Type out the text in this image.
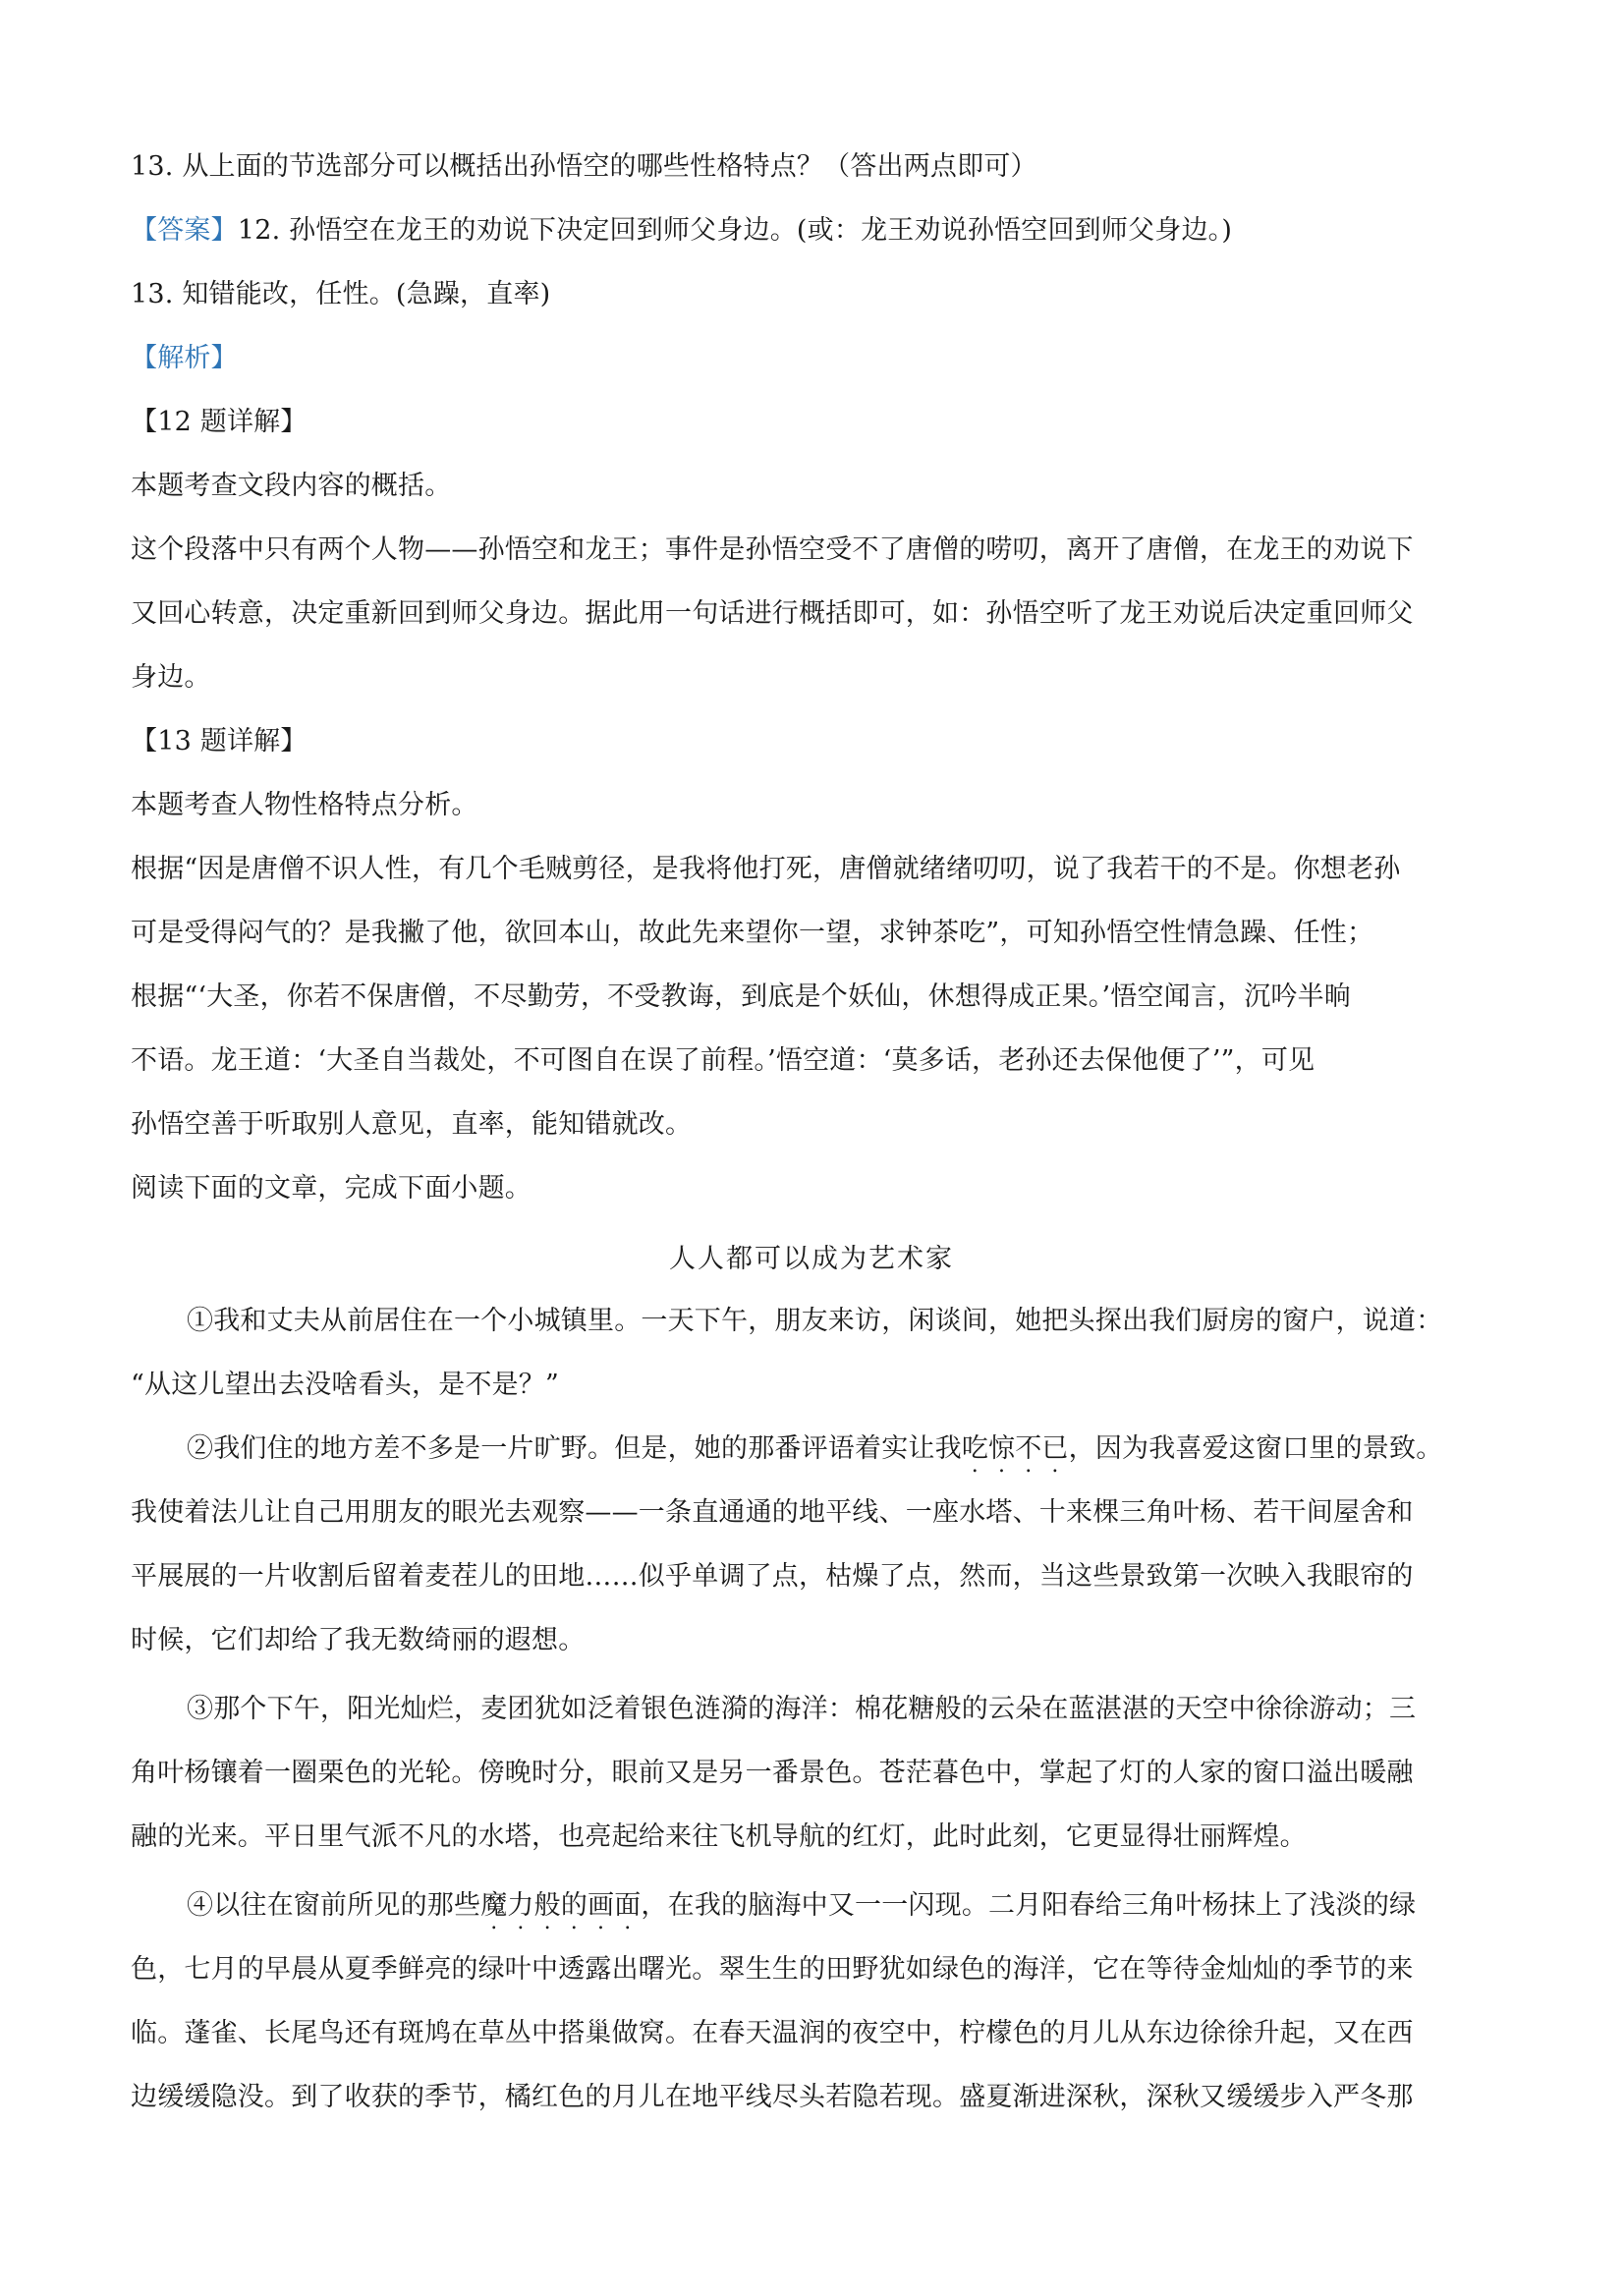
13. 从上面的节选部分可以概括出孙悟空的哪些性格特点？（答出两点即可）
【答案】12. 孙悟空在龙王的劝说下决定回到师父身边。(或：龙王劝说孙悟空回到师父身边。)
13. 知错能改，任性。(急躁，直率)
【解析】
【12 题详解】
本题考查文段内容的概括。
这个段落中只有两个人物——孙悟空和龙王；事件是孙悟空受不了唐僧的唠叨，离开了唐僧，在龙王的劝说下
又回心转意，决定重新回到师父身边。据此用一句话进行概括即可，如：孙悟空听了龙王劝说后决定重回师父
身边。
【13 题详解】
本题考查人物性格特点分析。
根据“因是唐僧不识人性，有几个毛贼剪径，是我将他打死，唐僧就绪绪叨叨，说了我若干的不是。你想老孙
可是受得闷气的？是我撇了他，欲回本山，故此先来望你一望，求钟茶吃”，可知孙悟空性情急躁、任性；
根据“‘大圣，你若不保唐僧，不尽勤劳，不受教诲，到底是个妖仙，休想得成正果。’悟空闻言，沉吟半晌
不语。龙王道：‘大圣自当裁处，不可图自在误了前程。’悟空道：‘莫多话，老孙还去保他便了’”，可见
孙悟空善于听取别人意见，直率，能知错就改。
阅读下面的文章，完成下面小题。
人人都可以成为艺术家
①我和丈夫从前居住在一个小城镇里。一天下午，朋友来访，闲谈间，她把头探出我们厨房的窗户，说道：
“从这儿望出去没啥看头，是不是？”
②我们住的地方差不多是一片旷野。但是，她的那番评语着实让我吃惊不已，因为我喜爱这窗口里的景致。
我使着法儿让自己用朋友的眼光去观察——一条直通通的地平线、一座水塔、十来棵三角叶杨、若干间屋舍和
平展展的一片收割后留着麦茬儿的田地……似乎单调了点，枯燥了点，然而，当这些景致第一次映入我眼帘的
时候，它们却给了我无数绮丽的遐想。
③那个下午，阳光灿烂，麦团犹如泛着银色涟漪的海洋：棉花糖般的云朵在蓝湛湛的天空中徐徐游动；三
角叶杨镶着一圈栗色的光轮。傍晚时分，眼前又是另一番景色。苍茫暮色中，掌起了灯的人家的窗口溢出暖融
融的光来。平日里气派不凡的水塔，也亮起给来往飞机导航的红灯，此时此刻，它更显得壮丽辉煌。
④以往在窗前所见的那些魔力般的画面，在我的脑海中又一一闪现。二月阳春给三角叶杨抹上了浅淡的绿
色，七月的早晨从夏季鲜亮的绿叶中透露出曙光。翠生生的田野犹如绿色的海洋，它在等待金灿灿的季节的来
临。蓬雀、长尾鸟还有斑鸠在草丛中搭巢做窝。在春天温润的夜空中，柠檬色的月儿从东边徐徐升起，又在西
边缓缓隐没。到了收获的季节，橘红色的月儿在地平线尽头若隐若现。盛夏渐进深秋，深秋又缓缓步入严冬那
